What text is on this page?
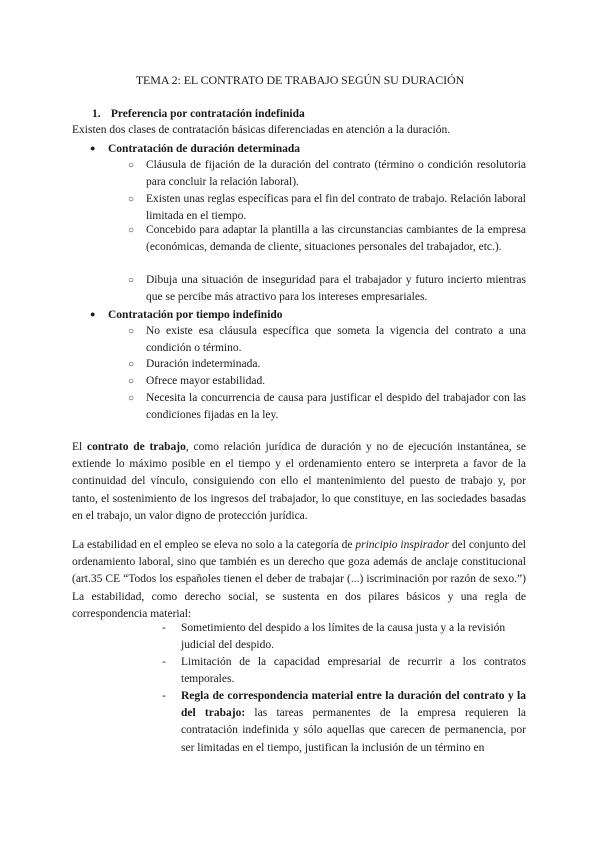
TEMA 2: EL CONTRATO DE TRABAJO SEGÚN SU DURACIÓN
1. Preferencia por contratación indefinida
Existen dos clases de contratación básicas diferenciadas en atención a la duración.
● Contratación de duración determinada
○ Cláusula de fijación de la duración del contrato (término o condición resolutoria para concluir la relación laboral).
○ Existen unas reglas específicas para el fin del contrato de trabajo. Relación laboral limitada en el tiempo.
○ Concebido para adaptar la plantilla a las circunstancias cambiantes de la empresa (económicas, demanda de cliente, situaciones personales del trabajador, etc.).
○ Dibuja una situación de inseguridad para el trabajador y futuro incierto mientras que se percibe más atractivo para los intereses empresariales.
● Contratación por tiempo indefinido
○ No existe esa cláusula específica que someta la vigencia del contrato a una condición o término.
○ Duración indeterminada.
○ Ofrece mayor estabilidad.
○ Necesita la concurrencia de causa para justificar el despido del trabajador con las condiciones fijadas en la ley.

El contrato de trabajo, como relación jurídica de duración y no de ejecución instantánea, se extiende lo máximo posible en el tiempo y el ordenamiento entero se interpreta a favor de la continuidad del vínculo, consiguiendo con ello el mantenimiento del puesto de trabajo y, por tanto, el sostenimiento de los ingresos del trabajador, lo que constituye, en las sociedades basadas en el trabajo, un valor digno de protección jurídica.

La estabilidad en el empleo se eleva no solo a la categoría de principio inspirador del conjunto del ordenamiento laboral, sino que también es un derecho que goza además de anclaje constitucional (art.35 CE “Todos los españoles tienen el deber de trabajar (...) iscriminación por razón de sexo.”) La estabilidad, como derecho social, se sustenta en dos pilares básicos y una regla de correspondencia material:

- Sometimiento del despido a los límites de la causa justa y a la revisión judicial del despido.
- Limitación de la capacidad empresarial de recurrir a los contratos temporales.
- Regla de correspondencia material entre la duración del contrato y la del trabajo: las tareas permanentes de la empresa requieren la contratación indefinida y sólo aquellas que carecen de permanencia, por ser limitadas en el tiempo, justifican la inclusión de un término en
